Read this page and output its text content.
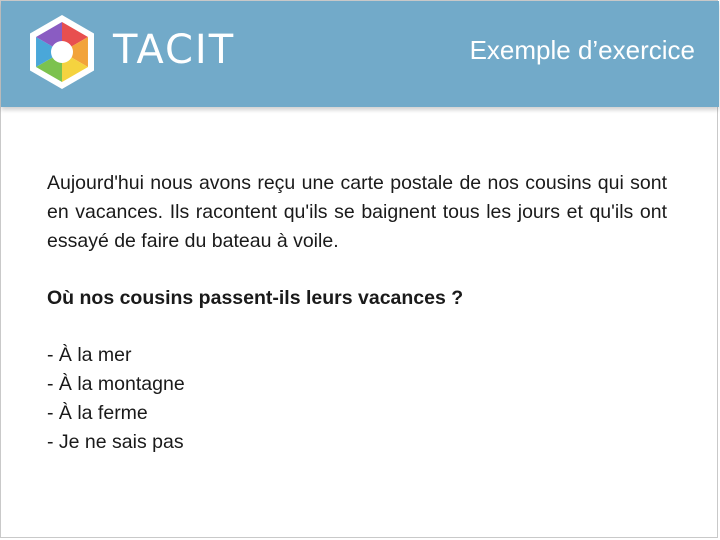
TACIT	Exemple d’exercice

Aujourd'hui nous avons reçu une carte postale de nos cousins qui sont en vacances. Ils racontent qu'ils se baignent tous les jours et qu'ils ont essayé de faire du bateau à voile.

Où nos cousins passent-ils leurs vacances ?

- À la mer
- À la montagne
- À la ferme
- Je ne sais pas
